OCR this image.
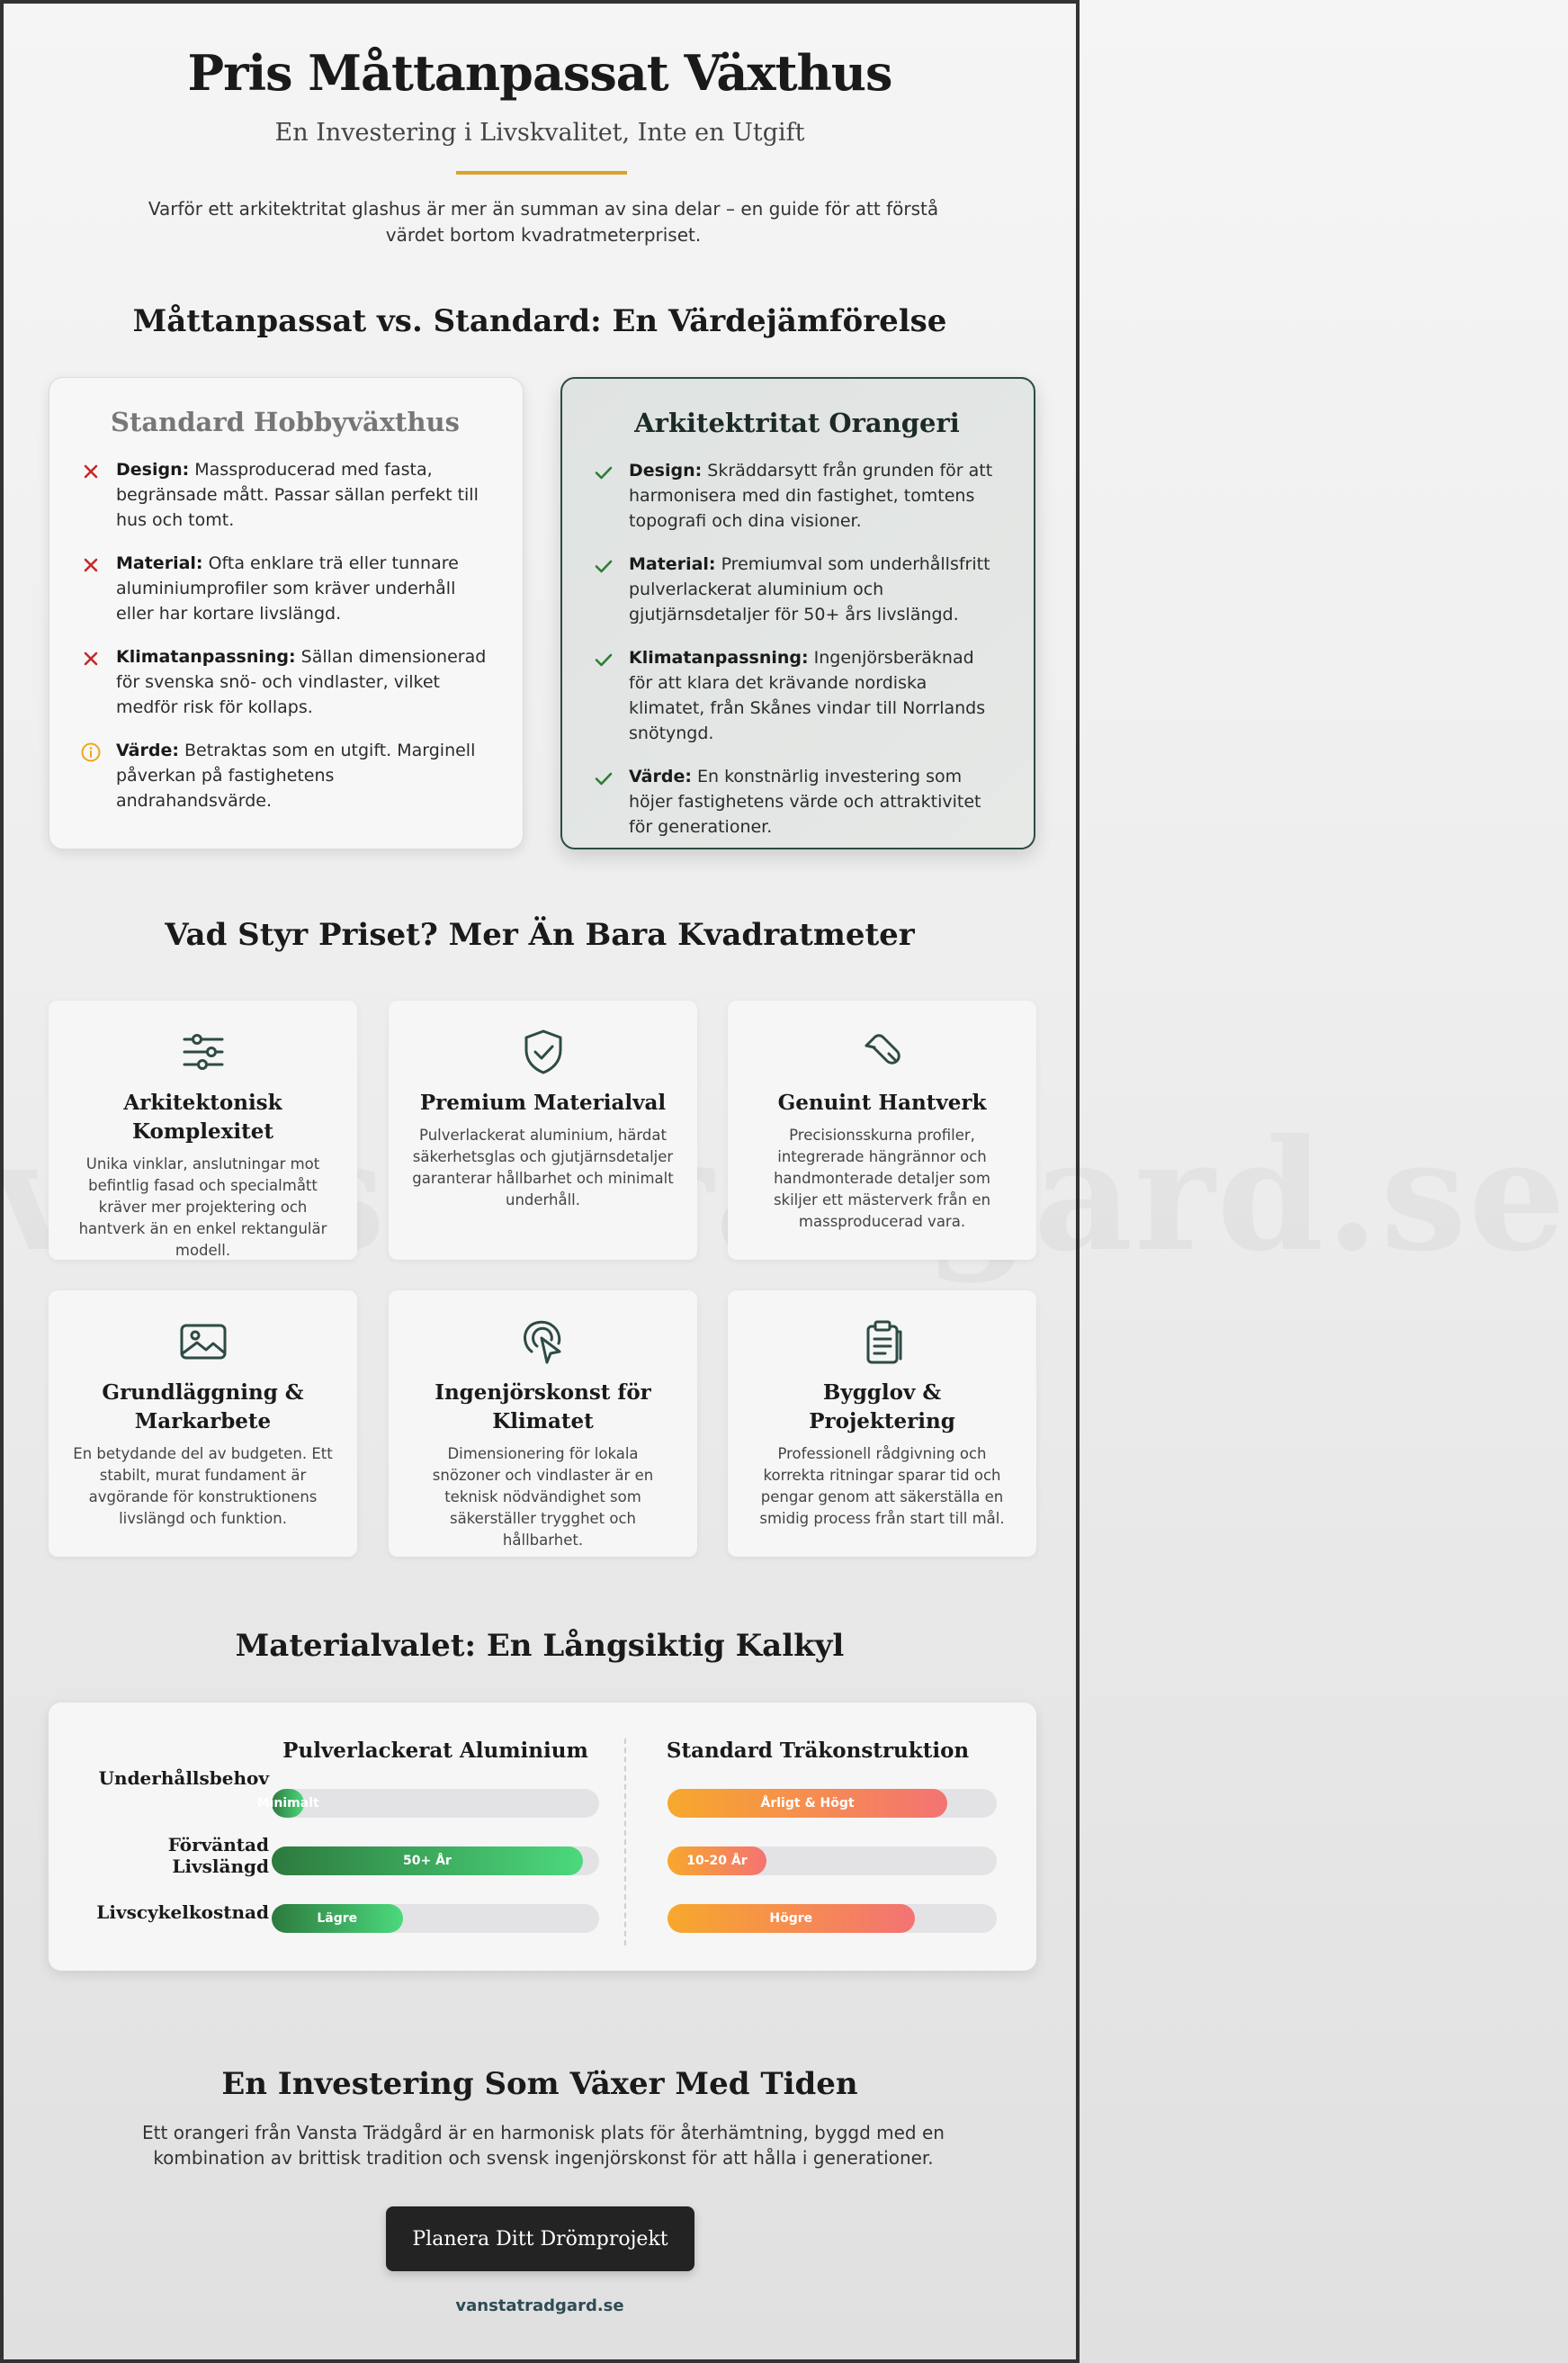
Pris Måttanpassat Växthus
En Investering i Livskvalitet, Inte en Utgift
Varför ett arkitektritat glashus är mer än summan av sina delar – en guide för att förstå värdet bortom kvadratmeterpriset.
Måttanpassat vs. Standard: En Värdejämförelse
Standard Hobbyväxthus
Design: Massproducerad med fasta, begränsade mått. Passar sällan perfekt till hus och tomt.
Material: Ofta enklare trä eller tunnare aluminiumprofiler som kräver underhåll eller har kortare livslängd.
Klimatanpassning: Sällan dimensionerad för svenska snö- och vindlaster, vilket medför risk för kollaps.
Värde: Betraktas som en utgift. Marginell påverkan på fastighetens andrahandsvärde.
Arkitektritat Orangeri
Design: Skräddarsytt från grunden för att harmonisera med din fastighet, tomtens topografi och dina visioner.
Material: Premiumval som underhållsfritt pulverlackerat aluminium och gjutjärnsdetaljer för 50+ års livslängd.
Klimatanpassning: Ingenjörsberäknad för att klara det krävande nordiska klimatet, från Skånes vindar till Norrlands snötyngd.
Värde: En konstnärlig investering som höjer fastighetens värde och attraktivitet för generationer.
Vad Styr Priset? Mer Än Bara Kvadratmeter
Arkitektonisk Komplexitet
Unika vinklar, anslutningar mot befintlig fasad och specialmått kräver mer projektering och hantverk än en enkel rektangulär modell.
Premium Materialval
Pulverlackerat aluminium, härdat säkerhetsglas och gjutjärnsdetaljer garanterar hållbarhet och minimalt underhåll.
Genuint Hantverk
Precisionsskurna profiler, integrerade hängrännor och handmonterade detaljer som skiljer ett mästerverk från en massproducerad vara.
Grundläggning & Markarbete
En betydande del av budgeten. Ett stabilt, murat fundament är avgörande för konstruktionens livslängd och funktion.
Ingenjörskonst för Klimatet
Dimensionering för lokala snözoner och vindlaster är en teknisk nödvändighet som säkerställer trygghet och hållbarhet.
Bygglov & Projektering
Professionell rådgivning och korrekta ritningar sparar tid och pengar genom att säkerställa en smidig process från start till mål.
Materialvalet: En Långsiktig Kalkyl
Pulverlackerat Aluminium	Standard Träkonstruktion
Underhållsbehov
Förväntad Livslängd
Livscykelkostnad
Minimalt
50+ År
Lägre
Årligt & Högt
10-20 År
Högre
En Investering Som Växer Med Tiden
Ett orangeri från Vansta Trädgård är en harmonisk plats för återhämtning, byggd med en kombination av brittisk tradition och svensk ingenjörskonst för att hålla i generationer.
Planera Ditt Drömprojekt
vanstatradgard.se
